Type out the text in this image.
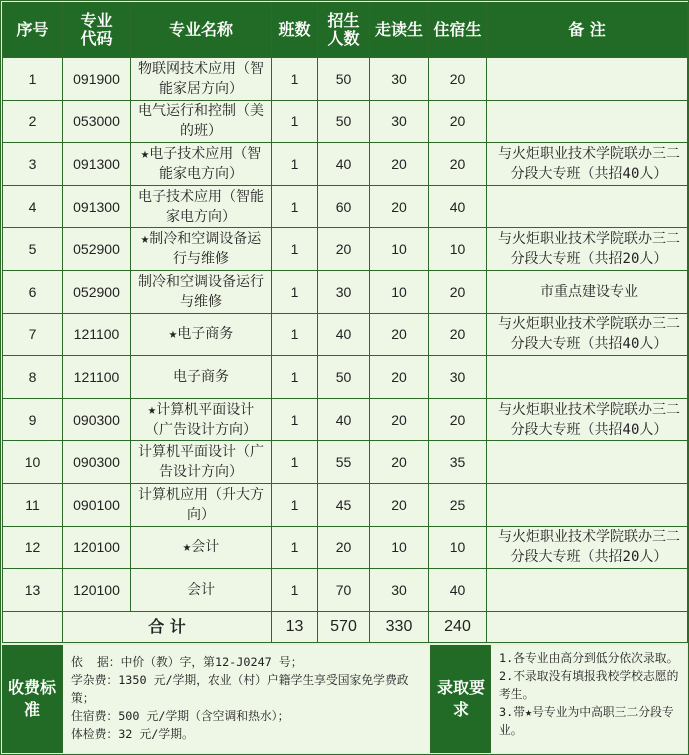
序号	专业代码	专业名称	班数	招生人数	走读生	住宿生	备 注
1	091900	物联网技术应用（智能家居方向）	1	50	30	20	
2	053000	电气运行和控制（美的班）	1	50	30	20	
3	091300	★电子技术应用（智能家电方向）	1	40	20	20	与火炬职业技术学院联办三二分段大专班（共招40人）
4	091300	电子技术应用（智能家电方向）	1	60	20	40	
5	052900	★制冷和空调设备运行与维修	1	20	10	10	与火炬职业技术学院联办三二分段大专班（共招20人）
6	052900	制冷和空调设备运行与维修	1	30	10	20	市重点建设专业
7	121100	★电子商务	1	40	20	20	与火炬职业技术学院联办三二分段大专班（共招40人）
8	121100	电子商务	1	50	20	30	
9	090300	★计算机平面设计（广告设计方向）	1	40	20	20	与火炬职业技术学院联办三二分段大专班（共招40人）
10	090300	计算机平面设计（广告设计方向）	1	55	20	35	
11	090100	计算机应用（升大方向）	1	45	20	25	
12	120100	★会计	1	20	10	10	与火炬职业技术学院联办三二分段大专班（共招20人）
13	120100	会计	1	70	30	40	
	合 计		13	570	330	240	
收费标准
依  据：中价（教）字，第12-J0247 号；
学杂费：1350 元/学期，农业（村）户籍学生享受国家免学费政策；
住宿费：500 元/学期（含空调和热水）；
体检费：32 元/学期。
录取要求
1.各专业由高分到低分依次录取。
2.不录取没有填报我校学校志愿的考生。
3.带★号专业为中高职三二分段专业。
